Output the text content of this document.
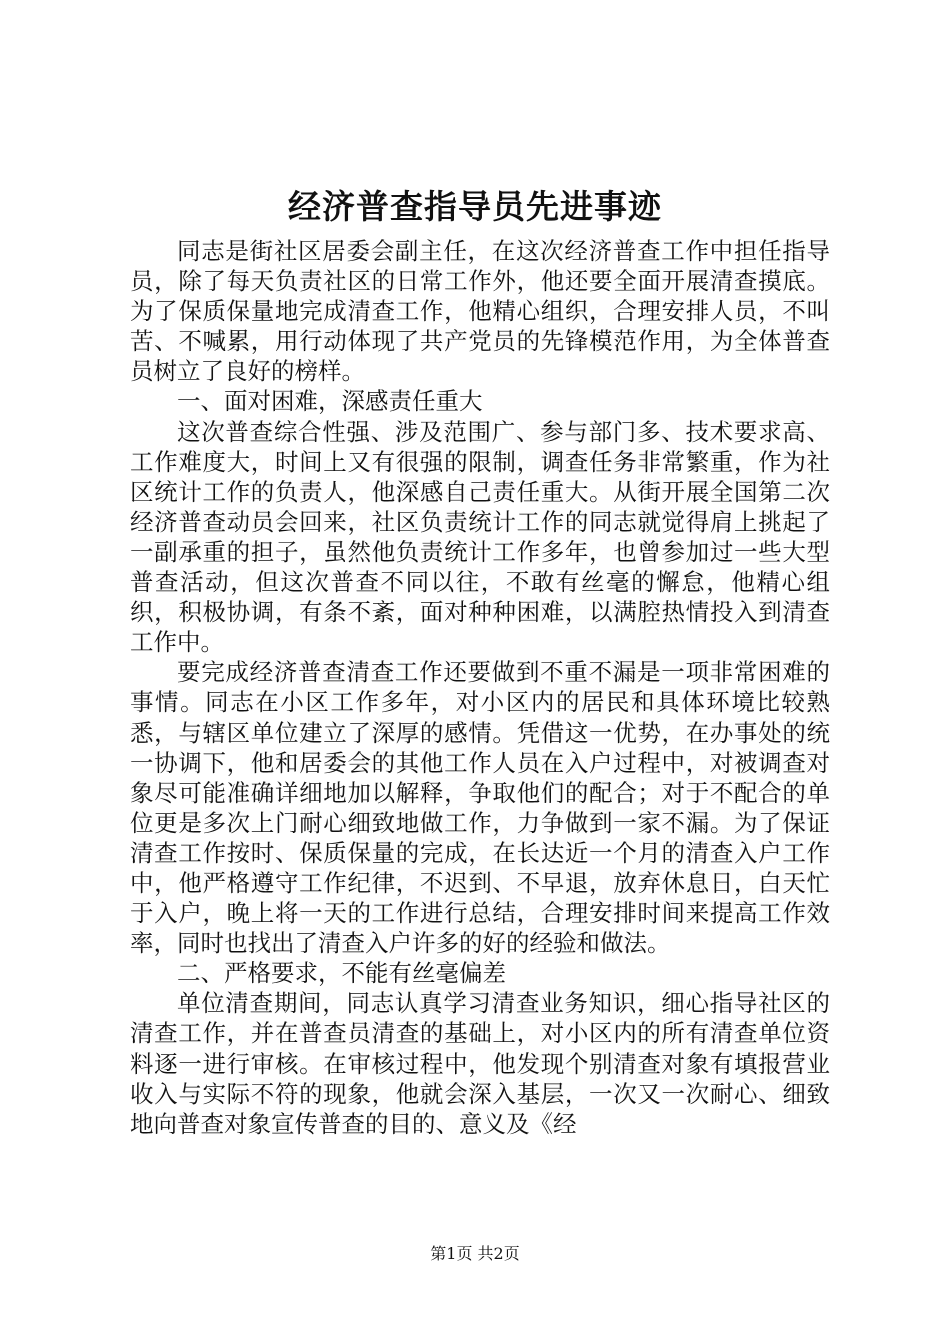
经济普查指导员先进事迹

同志是街社区居委会副主任，在这次经济普查工作中担任指导员，除了每天负责社区的日常工作外，他还要全面开展清查摸底。为了保质保量地完成清查工作，他精心组织，合理安排人员，不叫苦、不喊累，用行动体现了共产党员的先锋模范作用，为全体普查员树立了良好的榜样。

一、面对困难，深感责任重大

这次普查综合性强、涉及范围广、参与部门多、技术要求高、工作难度大，时间上又有很强的限制，调查任务非常繁重，作为社区统计工作的负责人，他深感自己责任重大。从街开展全国第二次经济普查动员会回来，社区负责统计工作的同志就觉得肩上挑起了一副承重的担子，虽然他负责统计工作多年，也曾参加过一些大型普查活动，但这次普查不同以往，不敢有丝毫的懈怠，他精心组织，积极协调，有条不紊，面对种种困难，以满腔热情投入到清查工作中。

要完成经济普查清查工作还要做到不重不漏是一项非常困难的事情。同志在小区工作多年，对小区内的居民和具体环境比较熟悉，与辖区单位建立了深厚的感情。凭借这一优势，在办事处的统一协调下，他和居委会的其他工作人员在入户过程中，对被调查对象尽可能准确详细地加以解释，争取他们的配合；对于不配合的单位更是多次上门耐心细致地做工作，力争做到一家不漏。为了保证清查工作按时、保质保量的完成，在长达近一个月的清查入户工作中，他严格遵守工作纪律，不迟到、不早退，放弃休息日，白天忙于入户，晚上将一天的工作进行总结，合理安排时间来提高工作效率，同时也找出了清查入户许多的好的经验和做法。

二、严格要求，不能有丝毫偏差

单位清查期间，同志认真学习清查业务知识，细心指导社区的清查工作，并在普查员清查的基础上，对小区内的所有清查单位资料逐一进行审核。在审核过程中，他发现个别清查对象有填报营业收入与实际不符的现象，他就会深入基层，一次又一次耐心、细致地向普查对象宣传普查的目的、意义及《经

第1页 共2页
